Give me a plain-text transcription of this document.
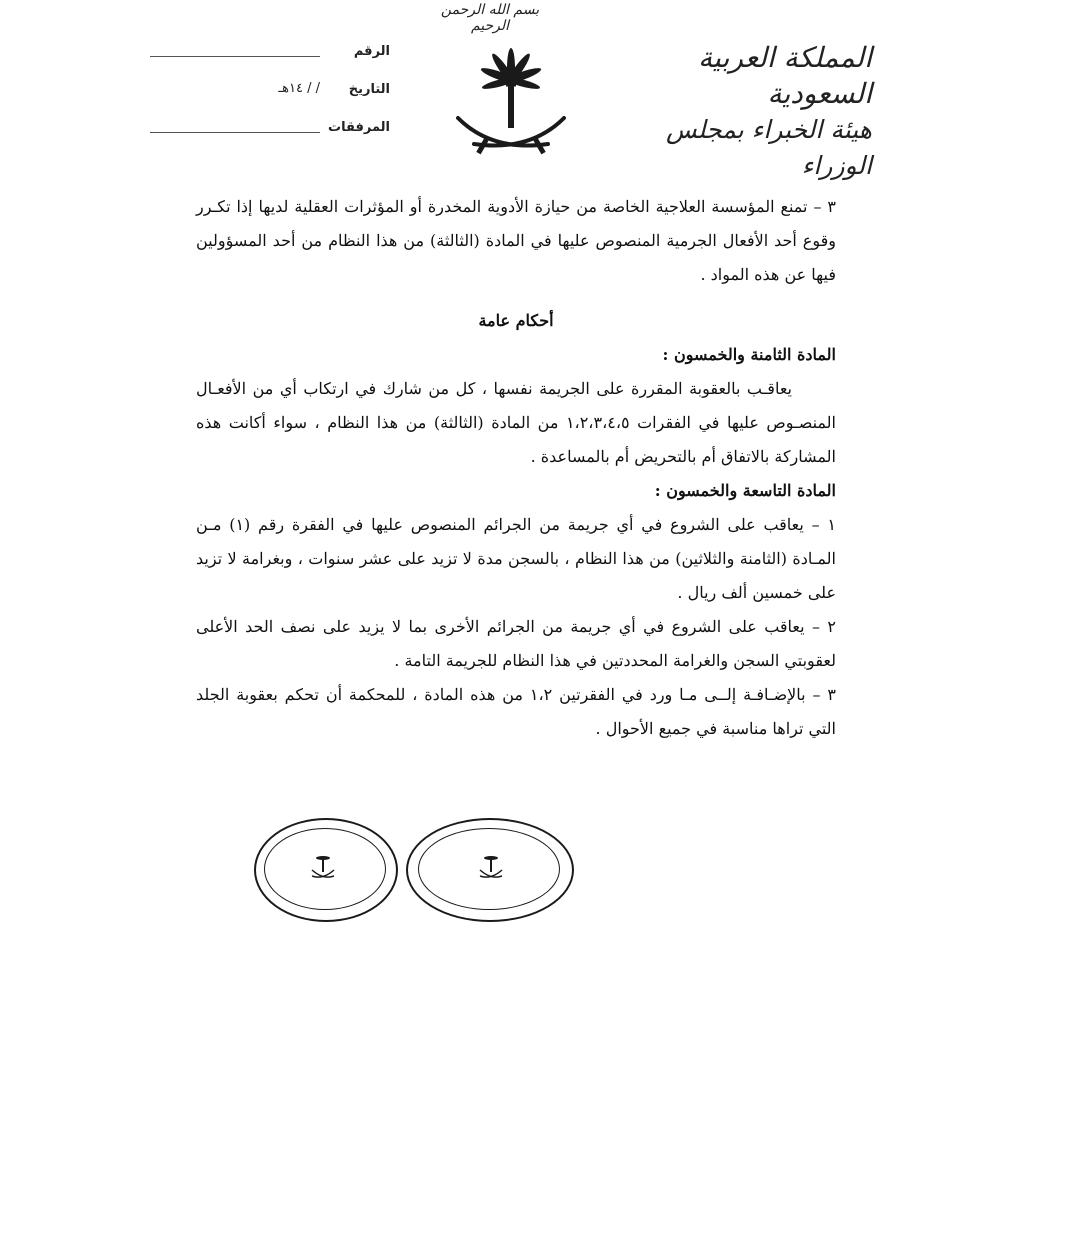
بسم الله الرحمن الرحيم
المملكة العربية السعودية
هيئة الخبراء بمجلس الوزراء
الرقم
التاريخ
/ / ١٤هـ
المرفقات

٣ – تمنع المؤسسة العلاجية الخاصة من حيازة الأدوية المخدرة أو المؤثرات العقلية لديها إذا تكـرر وقوع أحد الأفعال الجرمية المنصوص عليها في المادة (الثالثة) من هذا النظام من أحد المسؤولين فيها عن هذه المواد .

أحكام عامة

المادة الثامنة والخمسون :

يعاقـب بالعقوبة المقررة على الجريمة نفسها ، كل من شارك في ارتكاب أي من الأفعـال المنصـوص عليها في الفقرات ١،٢،٣،٤،٥ من المادة (الثالثة) من هذا النظام ، سواء أكانت هذه المشاركة بالاتفاق أم بالتحريض أم بالمساعدة .

المادة التاسعة والخمسون :

١ – يعاقب على الشروع في أي جريمة من الجرائم المنصوص عليها في الفقرة رقم (١) مـن المـادة (الثامنة والثلاثين) من هذا النظام ، بالسجن مدة لا تزيد على عشر سنوات ، وبغرامة لا تزيد على خمسين ألف ريال .

٢ – يعاقب على الشروع في أي جريمة من الجرائم الأخرى بما لا يزيد على نصف الحد الأعلى لعقوبتي السجن والغرامة المحددتين في هذا النظام للجريمة التامة .

٣ – بالإضـافـة إلــى مـا ورد في الفقرتين ١،٢ من هذه المادة ، للمحكمة أن تحكم بعقوبة الجلد التي تراها مناسبة في جميع الأحوال .
